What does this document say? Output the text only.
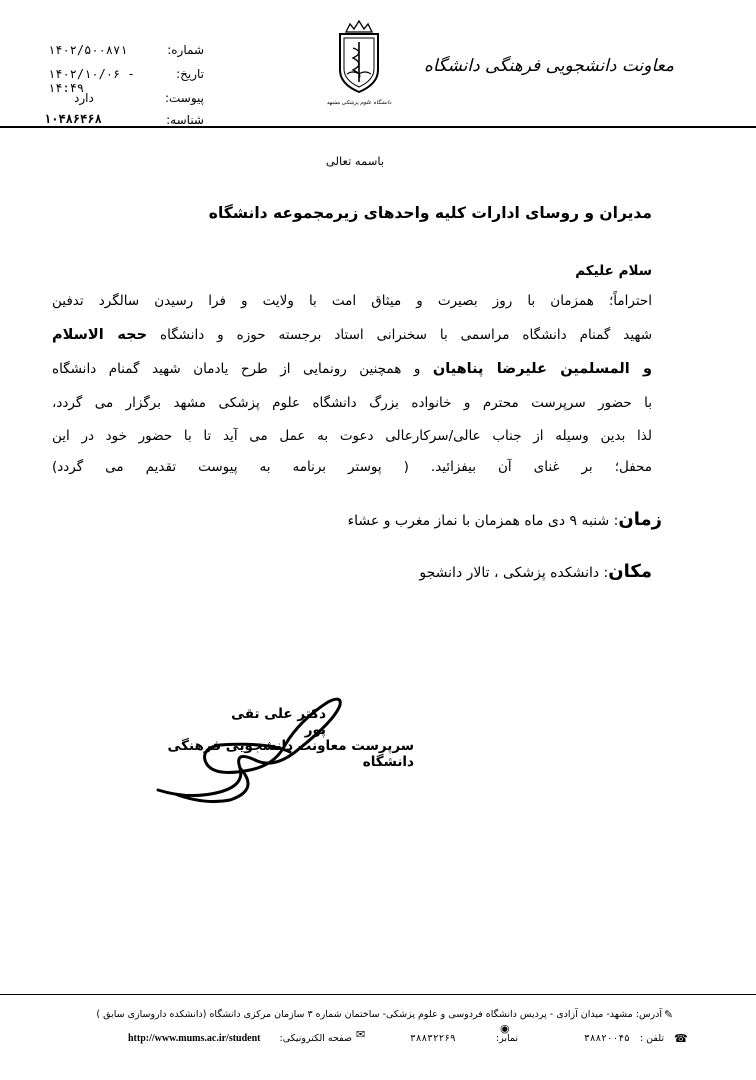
معاونت دانشجویی فرهنگی دانشگاه
دانشگاه علوم پزشکی مشهد
شماره:
۱۴۰۲/۵۰۰۸۷۱
تاریخ:
۱۴۰۲/۱۰/۰۶ - ۱۴:۴۹
پیوست:
دارد
شناسه:
۱۰۴۸۶۴۶۸
باسمه تعالی
مدیران و روسای ادارات کلیه واحدهای زیرمجموعه دانشگاه
سلام علیکم
احتراماً؛ همزمان با روز بصیرت و میثاق امت با ولایت و فرا رسیدن سالگرد تدفین
شهید گمنام دانشگاه مراسمی با سخنرانی استاد برجسته حوزه و دانشگاه حجه الاسلام
و المسلمین علیرضا پناهیان و همچنین رونمایی از طرح یادمان شهید گمنام دانشگاه
با حضور سرپرست محترم و خانواده بزرگ دانشگاه علوم پزشکی مشهد برگزار می گردد،
لذا بدین وسیله از جناب عالی/سرکارعالی دعوت به عمل می آید تا با حضور خود در این
محفل؛ بر غنای آن بیفزائید. ( پوستر برنامه به پیوست تقدیم می گردد)
زمان: شنبه ۹ دی ماه همزمان با نماز مغرب و عشاء
مکان: دانشکده پزشکی ، تالار دانشجو
دکتر علی تقی پور
سرپرست معاونت دانشجویی فرهنگی دانشگاه
✎
آدرس: مشهد- میدان آزادی - پردیس دانشگاه فردوسی و علوم پزشکی- ساختمان شماره ۳ سازمان مرکزی دانشگاه (دانشکده داروسازی سابق )
☎
تلفن :
۳۸۸۲۰۰۴۵
◉
نمابر:
۳۸۸۳۲۲۶۹
✉
صفحه الکترونیکی:
http://www.mums.ac.ir/student
